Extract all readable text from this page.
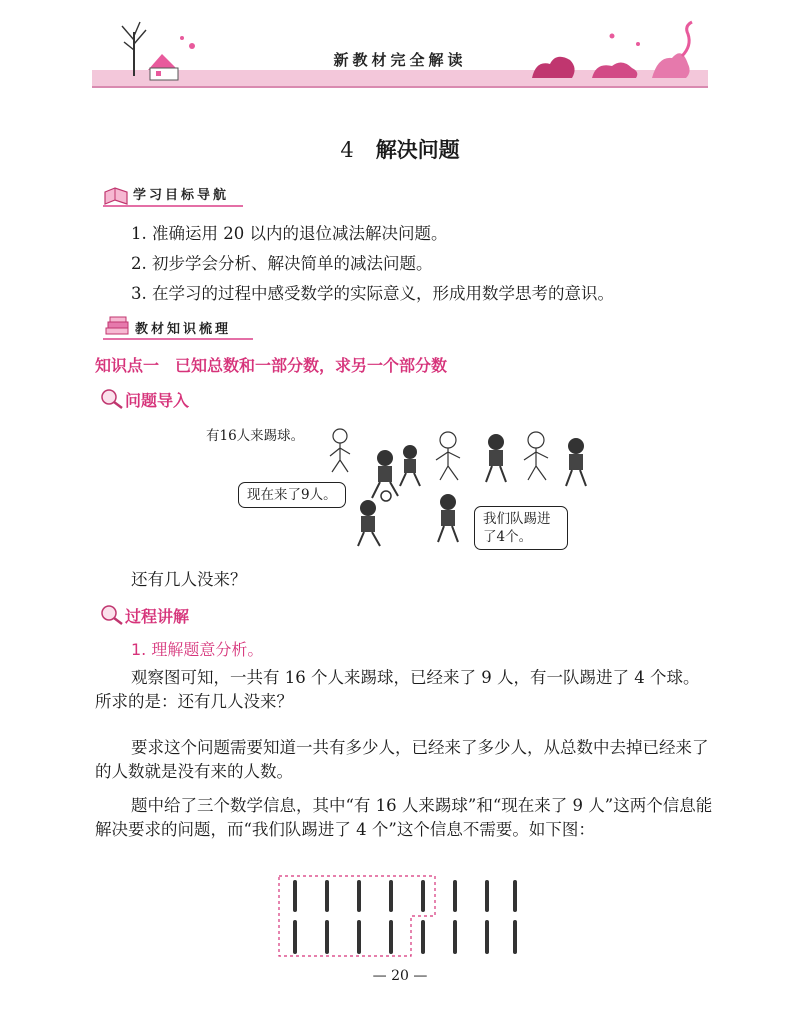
新教材完全解读
4 解决问题
学习目标导航
1. 准确运用 20 以内的退位减法解决问题。
2. 初步学会分析、解决简单的减法问题。
3. 在学习的过程中感受数学的实际意义，形成用数学思考的意识。
教材知识梳理
知识点一　已知总数和一部分数，求另一个部分数
问题导入
有16人来踢球。
现在来了9人。
我们队踢进了4个。
还有几人没来？
过程讲解
1. 理解题意分析。
观察图可知，一共有 16 个人来踢球，已经来了 9 人，有一队踢进了 4 个球。所求的是：还有几人没来？
要求这个问题需要知道一共有多少人，已经来了多少人，从总数中去掉已经来了的人数就是没有来的人数。
题中给了三个数学信息，其中“有 16 人来踢球”和“现在来了 9 人”这两个信息能解决要求的问题，而“我们队踢进了 4 个”这个信息不需要。如下图：
— 20 —
